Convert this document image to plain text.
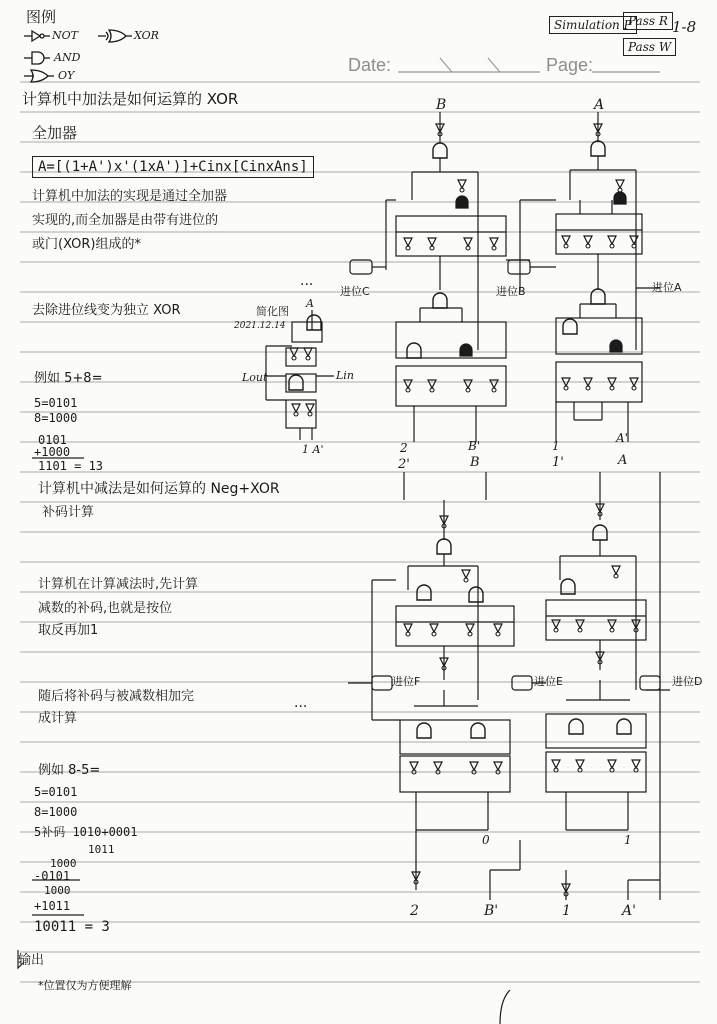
Date:	Page:
Simulation P
Pass R
Pass W
1-8
图例
NOT
AND
OY
XOR
计算机中加法是如何运算的 XOR
全加器
A=[(1+A')x'(1xA')]+Cinx[CinxAns]
计算机中加法的实现是通过全加器
实现的,而全加器是由带有进位的
或门(XOR)组成的*
去除进位线变为独立 XOR
例如 5+8=
5=0101
8=1000
0101
+1000
1101 = 13
计算机中减法是如何运算的 Neg+XOR
补码计算
计算机在计算减法时,先计算
减数的补码,也就是按位
取反再加1
随后将补码与被减数相加完
成计算
例如 8-5=
5=0101
8=1000
5补码 1010+0001
1011
1000
-0101
1000
+1011
10011 = 3
输出
*位置仅为方便理解
B	A
进位C	进位B	进位A
...
简化图
2021.12.14
A
Lout	Lin
1 A'	2	B'	1
A'
2'	B	1'	A
进位F	进位E	进位D
...
0	1
2	B'	1	A'
